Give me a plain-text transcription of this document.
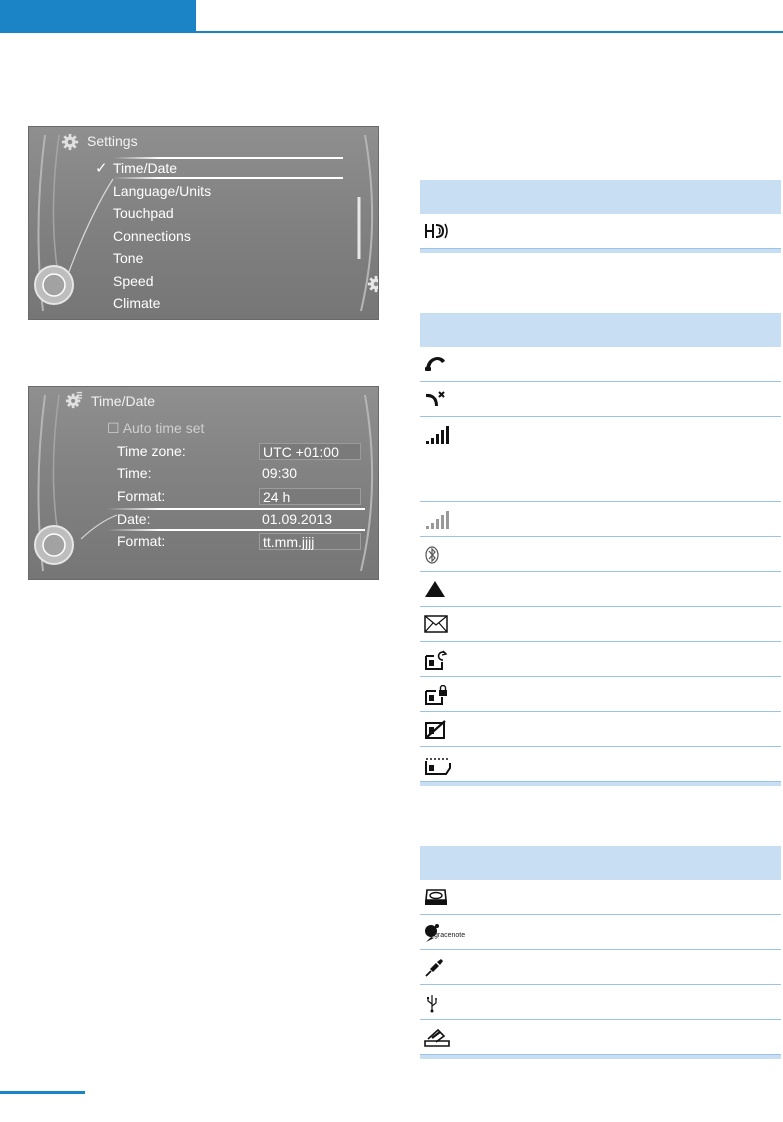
Settings
✓ Time/Date
Language/Units
Touchpad
Connections
Tone
Speed
Climate
Time/Date
☐ Auto time set
Time zone:	UTC +01:00
Time:	09:30
Format:	24 h
Date:	01.09.2013
Format:	tt.mm.jjjj
gracenote
